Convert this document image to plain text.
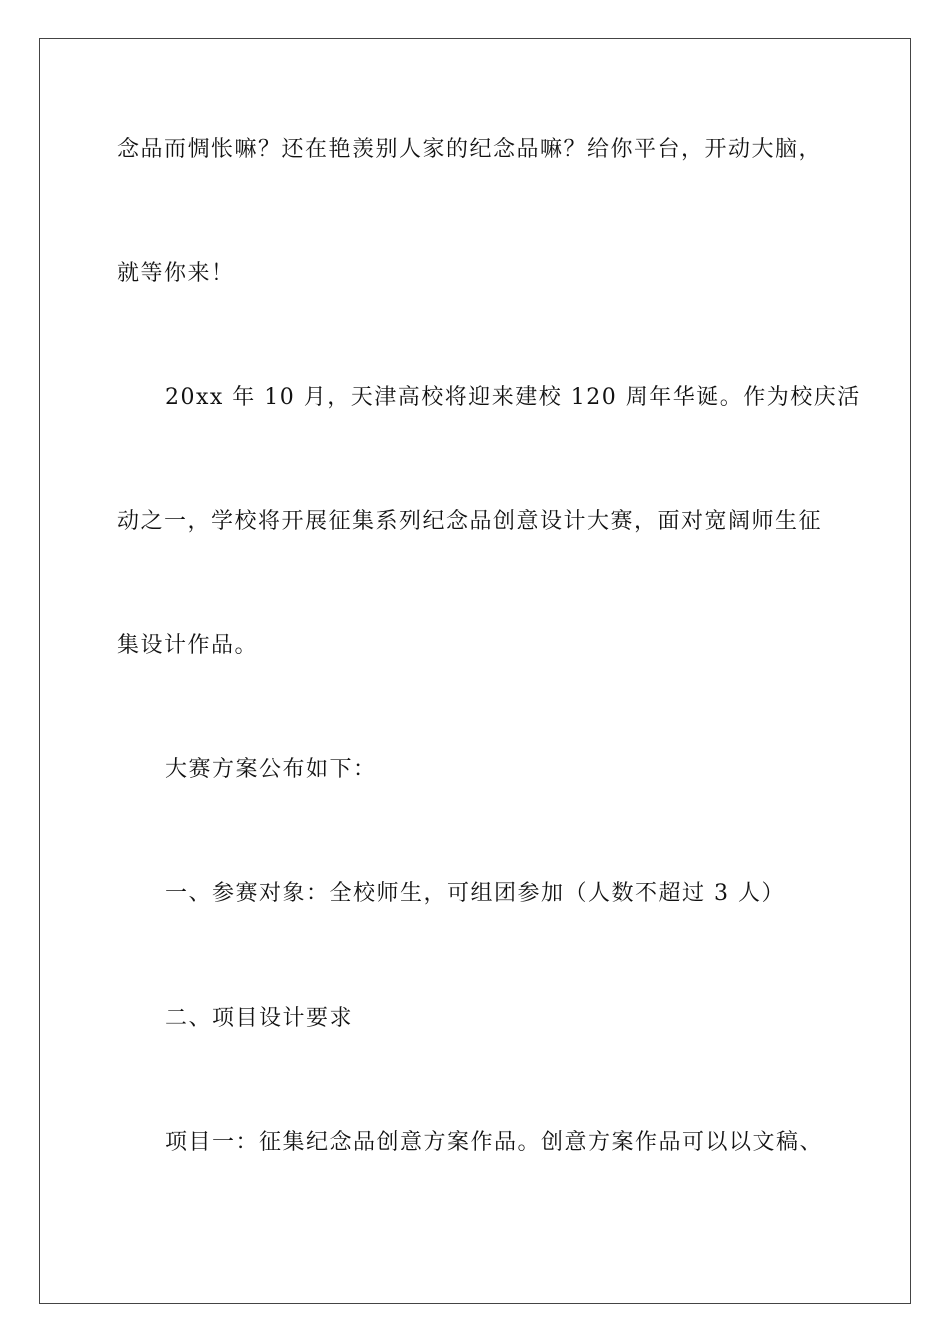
念品而惆怅嘛？还在艳羡别人家的纪念品嘛？给你平台，开动大脑，
就等你来！
20xx 年 10 月，天津高校将迎来建校 120 周年华诞。作为校庆活
动之一，学校将开展征集系列纪念品创意设计大赛，面对宽阔师生征
集设计作品。
大赛方案公布如下：
一、参赛对象：全校师生，可组团参加（人数不超过 3 人）
二、项目设计要求
项目一：征集纪念品创意方案作品。创意方案作品可以以文稿、
